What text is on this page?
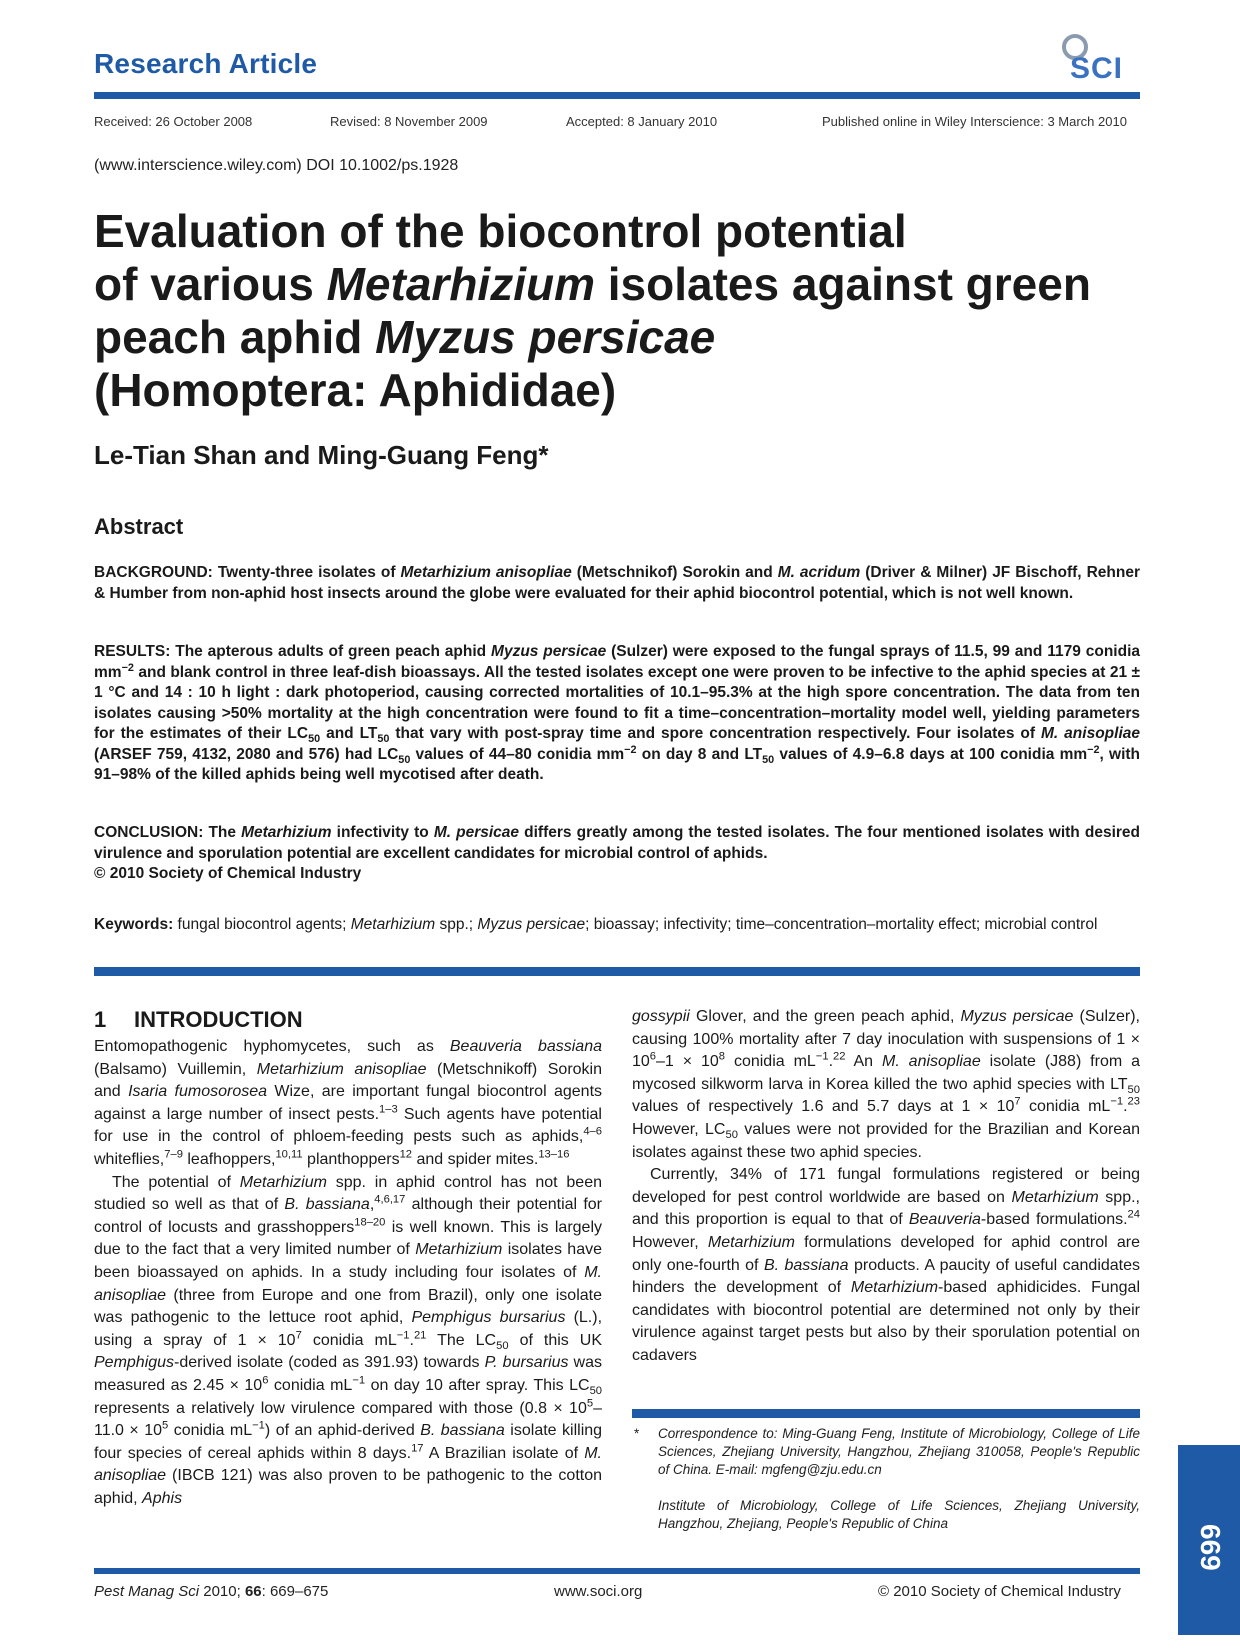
Research Article	SCI
Received: 26 October 2008	Revised: 8 November 2009	Accepted: 8 January 2010	Published online in Wiley Interscience: 3 March 2010
(www.interscience.wiley.com) DOI 10.1002/ps.1928
Evaluation of the biocontrol potential
of various Metarhizium isolates against green
peach aphid Myzus persicae
(Homoptera: Aphididae)
Le-Tian Shan and Ming-Guang Feng*
Abstract
BACKGROUND: Twenty-three isolates of Metarhizium anisopliae (Metschnikof) Sorokin and M. acridum (Driver & Milner) JF Bischoff, Rehner & Humber from non-aphid host insects around the globe were evaluated for their aphid biocontrol potential, which is not well known.
RESULTS: The apterous adults of green peach aphid Myzus persicae (Sulzer) were exposed to the fungal sprays of 11.5, 99 and 1179 conidia $mm^{-2}$ and blank control in three leaf-dish bioassays. All the tested isolates except one were proven to be infective to the aphid species at 21 ± 1 °C and 14 : 10 h light : dark photoperiod, causing corrected mortalities of 10.1–95.3% at the high spore concentration. The data from ten isolates causing >50% mortality at the high concentration were found to fit a time–concentration–mortality model well, yielding parameters for the estimates of their $LC_{50}$ and $LT_{50}$ that vary with post-spray time and spore concentration respectively. Four isolates of M. anisopliae (ARSEF 759, 4132, 2080 and 576) had $LC_{50}$ values of 44–80 conidia $mm^{-2}$ on day 8 and $LT_{50}$ values of 4.9–6.8 days at 100 conidia $mm^{-2}$, with 91–98% of the killed aphids being well mycotised after death.
CONCLUSION: The Metarhizium infectivity to M. persicae differs greatly among the tested isolates. The four mentioned isolates with desired virulence and sporulation potential are excellent candidates for microbial control of aphids.
© 2010 Society of Chemical Industry
Keywords: fungal biocontrol agents; Metarhizium spp.; Myzus persicae; bioassay; infectivity; time–concentration–mortality effect; microbial control
1 INTRODUCTION

Entomopathogenic hyphomycetes, such as Beauveria bassiana (Balsamo) Vuillemin, Metarhizium anisopliae (Metschnikoff) Sorokin and Isaria fumosorosea Wize, are important fungal biocontrol agents against a large number of insect pests.$^{1-3}$ Such agents have potential for use in the control of phloem-feeding pests such as aphids,$^{4-6}$ whiteflies,$^{7-9}$ leafhoppers,$^{10,11}$ planthoppers$^{12}$ and spider mites.$^{13-16}$

The potential of Metarhizium spp. in aphid control has not been studied so well as that of B. bassiana,$^{4,6,17}$ although their potential for control of locusts and grasshoppers$^{18-20}$ is well known. This is largely due to the fact that a very limited number of Metarhizium isolates have been bioassayed on aphids. In a study including four isolates of M. anisopliae (three from Europe and one from Brazil), only one isolate was pathogenic to the lettuce root aphid, Pemphigus bursarius (L.), using a spray of $1 \times 10^7$ conidia $mL^{-1}.^{21}$ The $LC_{50}$ of this UK Pemphigus-derived isolate (coded as 391.93) towards P. bursarius was measured as $2.45 \times 10^6$ conidia $mL^{-1}$ on day 10 after spray. This $LC_{50}$ represents a relatively low virulence compared with those ($0.8 \times 10^5-11.0 \times 10^5$ conidia $mL^{-1}$) of an aphid-derived B. bassiana isolate killing four species of cereal aphids within 8 days.$^{17}$ A Brazilian isolate of M. anisopliae (IBCB 121) was also proven to be pathogenic to the cotton aphid, Aphis

gossypii Glover, and the green peach aphid, Myzus persicae (Sulzer), causing 100% mortality after 7 day inoculation with suspensions of $1 \times 10^6-1 \times 10^8$ conidia $mL^{-1}.^{22}$ An M. anisopliae isolate (J88) from a mycosed silkworm larva in Korea killed the two aphid species with $LT_{50}$ values of respectively 1.6 and 5.7 days at $1 \times 10^7$ conidia $mL^{-1}.^{23}$ However, $LC_{50}$ values were not provided for the Brazilian and Korean isolates against these two aphid species.

Currently, 34% of 171 fungal formulations registered or being developed for pest control worldwide are based on Metarhizium spp., and this proportion is equal to that of Beauveria-based formulations.$^{24}$ However, Metarhizium formulations developed for aphid control are only one-fourth of B. bassiana products. A paucity of useful candidates hinders the development of Metarhizium-based aphidicides. Fungal candidates with biocontrol potential are determined not only by their virulence against target pests but also by their sporulation potential on cadavers

* Correspondence to: Ming-Guang Feng, Institute of Microbiology, College of Life Sciences, Zhejiang University, Hangzhou, Zhejiang 310058, People's Republic of China. E-mail: mgfeng@zju.edu.cn
Institute of Microbiology, College of Life Sciences, Zhejiang University, Hangzhou, Zhejiang, People's Republic of China
669
Pest Manag Sci 2010; 66: 669–675	www.soci.org	© 2010 Society of Chemical Industry
